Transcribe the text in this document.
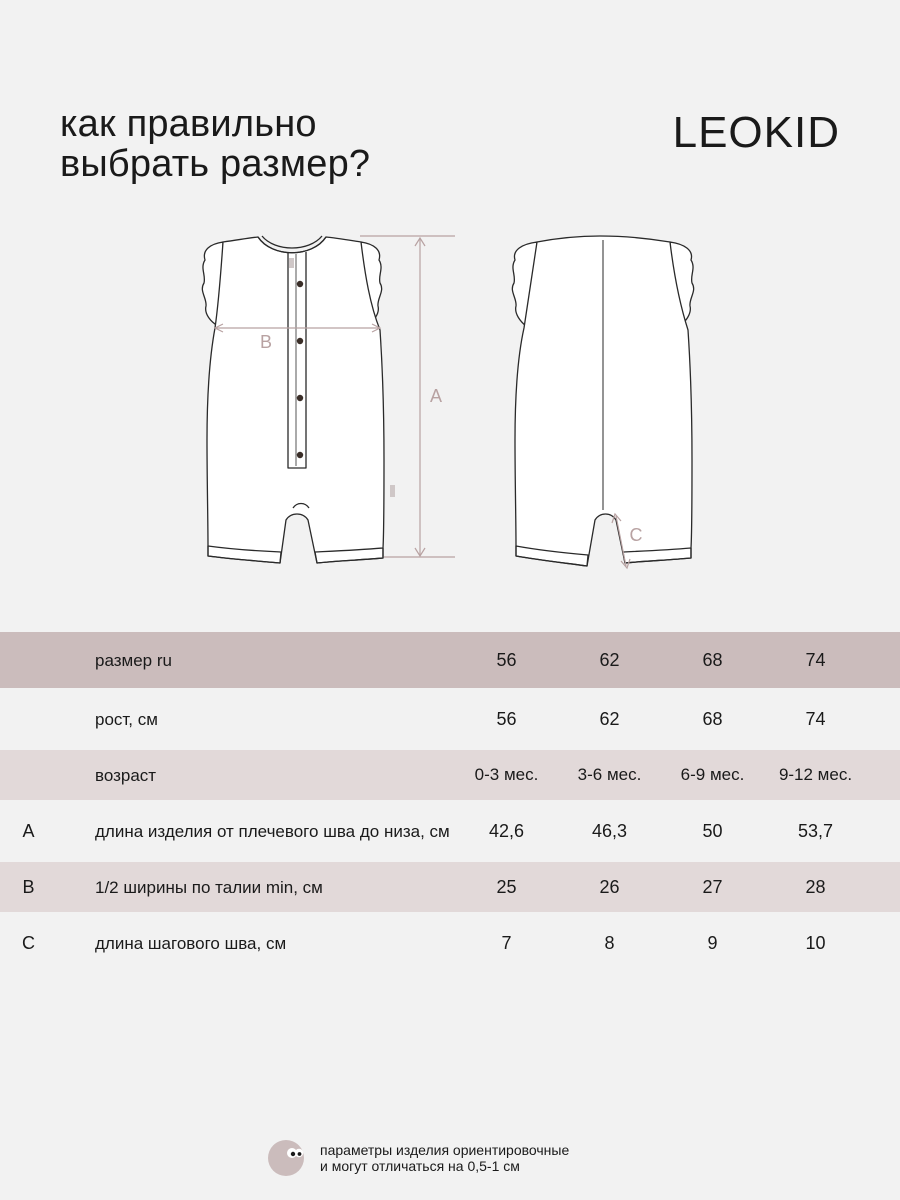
как правильно
выбрать размер?
LEOKID
A
B
C
размер ru	56	62	68	74
рост, см	56	62	68	74
возраст	0-3 мес.	3-6 мес.	6-9 мес.	9-12 мес.
A	длина изделия от плечевого шва до низа, см	42,6	46,3	50	53,7
B	1/2 ширины по талии min, см	25	26	27	28
C	длина шагового шва, см	7	8	9	10
параметры изделия ориентировочные
и могут отличаться на 0,5-1 см
